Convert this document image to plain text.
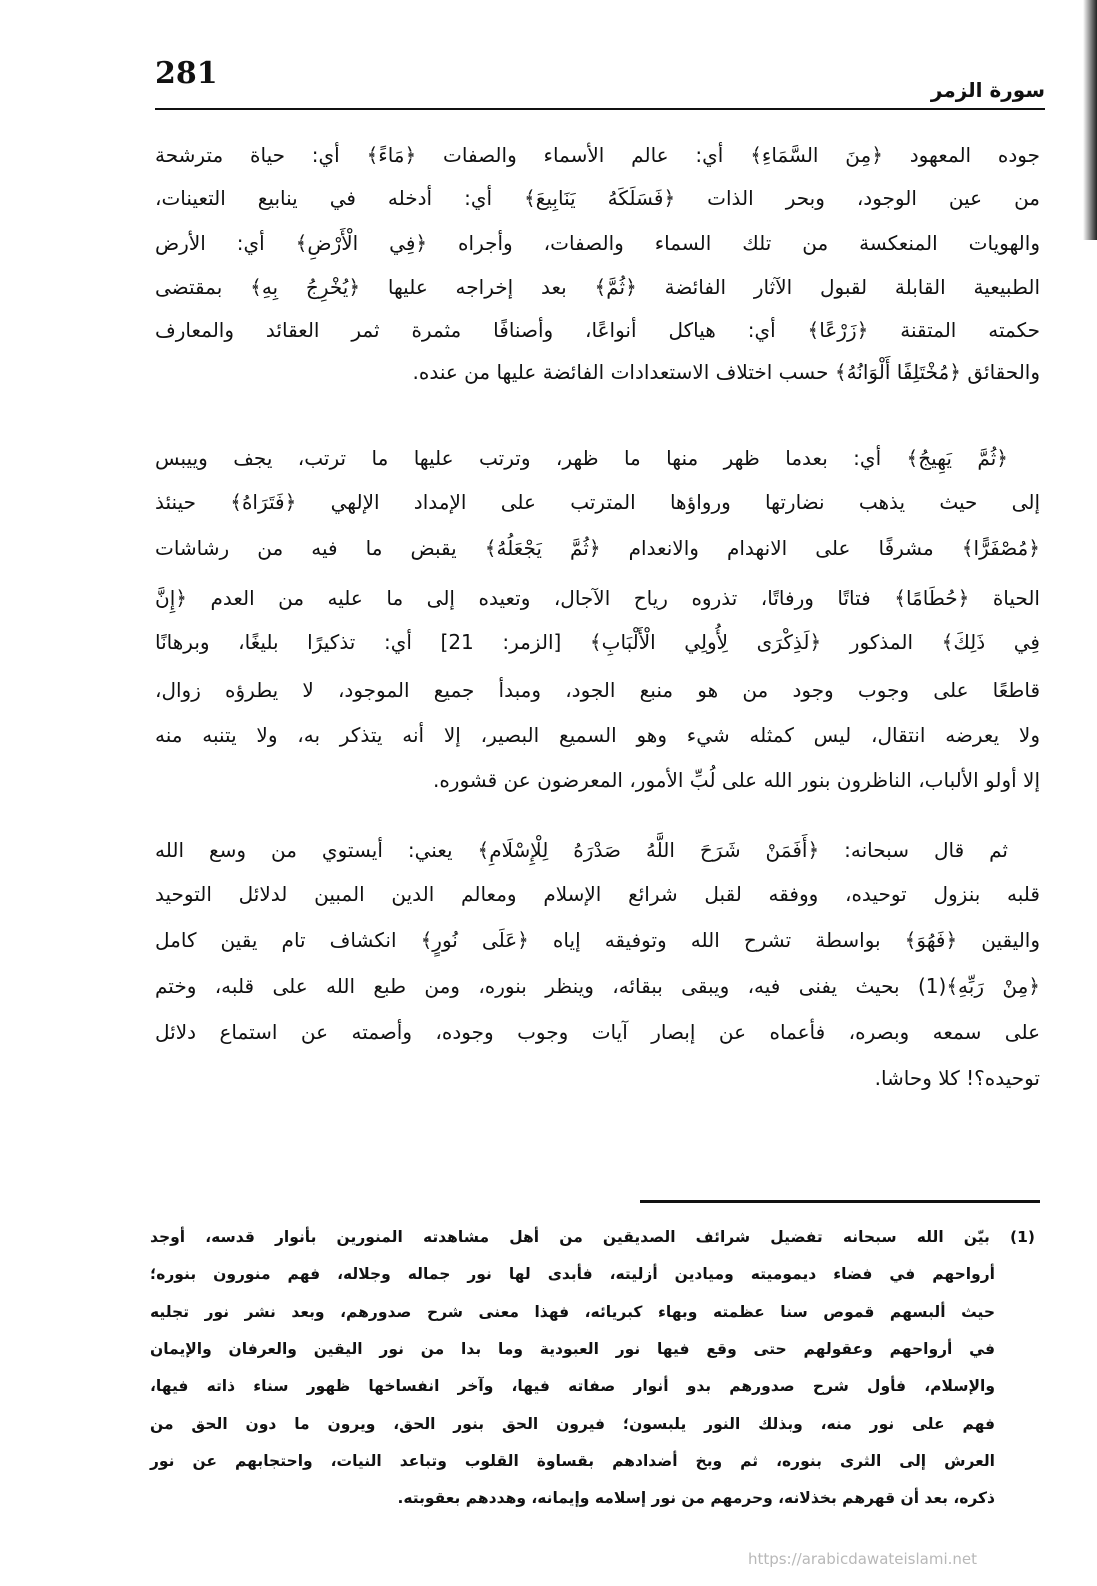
281	سورة الزمر
جوده المعهود ﴿مِنَ السَّمَاءِ﴾ أي: عالم الأسماء والصفات ﴿مَاءً﴾ أي: حياة مترشحة
من عين الوجود، وبحر الذات ﴿فَسَلَكَهُ يَنَابِيعَ﴾ أي: أدخله في ينابيع التعينات،
والهويات المنعكسة من تلك السماء والصفات، وأجراه ﴿فِي الْأَرْضِ﴾ أي: الأرض
الطبيعية القابلة لقبول الآثار الفائضة ﴿ثُمَّ﴾ بعد إخراجه عليها ﴿يُخْرِجُ بِهِ﴾ بمقتضى
حكمته المتقنة ﴿زَرْعًا﴾ أي: هياكل أنواعًا، وأصنافًا مثمرة ثمر العقائد والمعارف
والحقائق ﴿مُخْتَلِفًا أَلْوَانُهُ﴾ حسب اختلاف الاستعدادات الفائضة عليها من عنده.
﴿ثُمَّ يَهِيجُ﴾ أي: بعدما ظهر منها ما ظهر، وترتب عليها ما ترتب، يجف وييبس
إلى حيث يذهب نضارتها ورواؤها المترتب على الإمداد الإلهي ﴿فَتَرَاهُ﴾ حينئذ
﴿مُصْفَرًّا﴾ مشرفًا على الانهدام والانعدام ﴿ثُمَّ يَجْعَلُهُ﴾ يقبض ما فيه من رشاشات
الحياة ﴿حُطَامًا﴾ فتاتًا ورفاتًا، تذروه رياح الآجال، وتعيده إلى ما عليه من العدم ﴿إِنَّ
فِي ذَلِكَ﴾ المذكور ﴿لَذِكْرَى لِأُولِي الْأَلْبَابِ﴾ [الزمر: 21] أي: تذكيرًا بليغًا، وبرهانًا
قاطعًا على وجوب وجود من هو منبع الجود، ومبدأ جميع الموجود، لا يطرؤه زوال،
ولا يعرضه انتقال، ليس كمثله شيء وهو السميع البصير، إلا أنه يتذكر به، ولا يتنبه منه
إلا أولو الألباب، الناظرون بنور الله على لُبِّ الأمور، المعرضون عن قشوره.
ثم قال سبحانه: ﴿أَفَمَنْ شَرَحَ اللَّهُ صَدْرَهُ لِلْإِسْلَامِ﴾ يعني: أيستوي من وسع الله
قلبه بنزول توحيده، ووفقه لقبل شرائع الإسلام ومعالم الدين المبين لدلائل التوحيد
واليقين ﴿فَهُوَ﴾ بواسطة تشرح الله وتوفيقه إياه ﴿عَلَى نُورٍ﴾ انكشاف تام يقين كامل
﴿مِنْ رَبِّهِ﴾(1) بحيث يفنى فيه، ويبقى ببقائه، وينظر بنوره، ومن طبع الله على قلبه، وختم
على سمعه وبصره، فأعماه عن إبصار آيات وجوب وجوده، وأصمته عن استماع دلائل
توحيده؟! كلا وحاشا.
(1) بيّن الله سبحانه تفضيل شرائف الصديقين من أهل مشاهدته المنورين بأنوار قدسه، أوجد
أرواحهم في فضاء ديموميته وميادين أزليته، فأبدى لها نور جماله وجلاله، فهم منورون بنوره؛
حيث ألبسهم قموص سنا عظمته وبهاء كبريائه، فهذا معنى شرح صدورهم، وبعد نشر نور تجليه
في أرواحهم وعقولهم حتى وقع فيها نور العبودية وما بدا من نور اليقين والعرفان والإيمان
والإسلام، فأول شرح صدورهم بدو أنوار صفاته فيها، وآخر انفساخها ظهور سناء ذاته فيها،
فهم على نور منه، وبذلك النور يلبسون؛ فيرون الحق بنور الحق، ويرون ما دون الحق من
العرش إلى الثرى بنوره، ثم وبخ أضدادهم بقساوة القلوب وتباعد النيات، واحتجابهم عن نور
ذكره، بعد أن قهرهم بخذلانه، وحرمهم من نور إسلامه وإيمانه، وهددهم بعقوبته.
https://arabicdawateislami.net
